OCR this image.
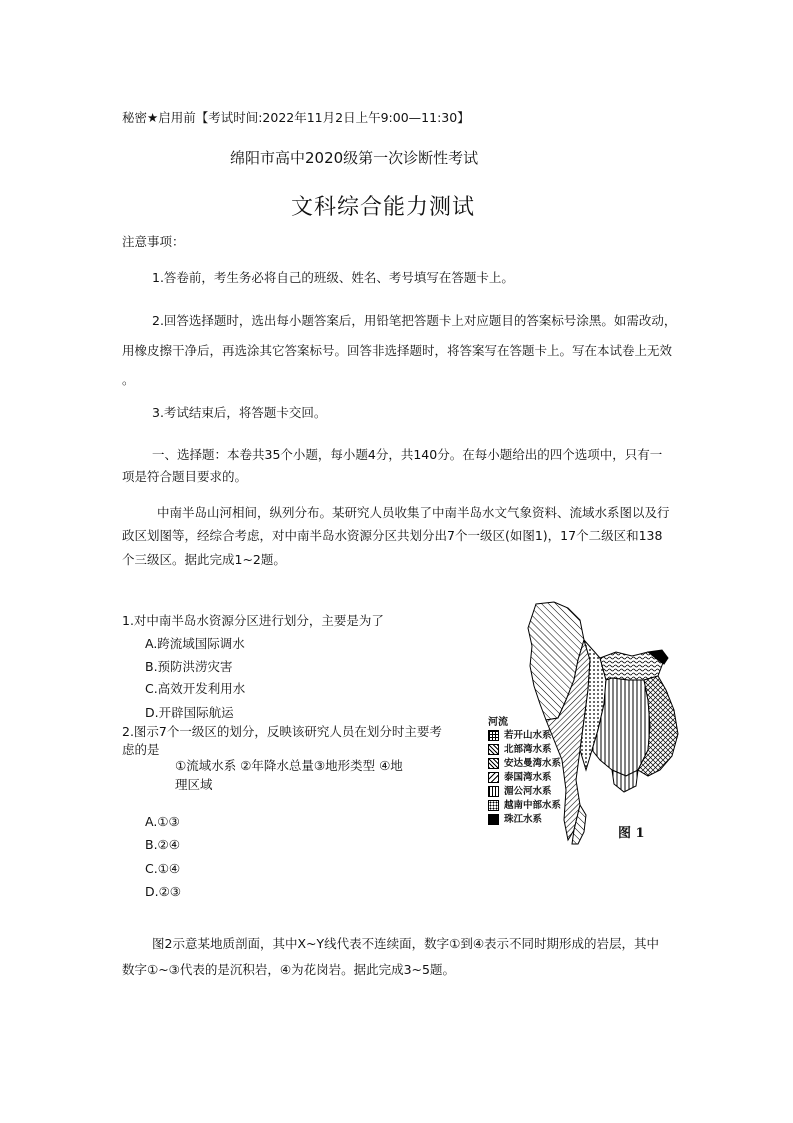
秘密★启用前【考试时间:2022年11月2日上午9:00—11:30】
绵阳市高中2020级第一次诊断性考试
文科综合能力测试
注意事项：
1.答卷前，考生务必将自己的班级、姓名、考号填写在答题卡上。
2.回答选择题时，选出每小题答案后，用铅笔把答题卡上对应题目的答案标号涂黑。如需改动，
用橡皮擦干净后，再选涂其它答案标号。回答非选择题时，将答案写在答题卡上。写在本试卷上无效
。
3.考试结束后，将答题卡交回。
一、选择题：本卷共35个小题，每小题4分，共140分。在每小题给出的四个选项中，只有一
项是符合题目要求的。
中南半岛山河相间，纵列分布。某研究人员收集了中南半岛水文气象资料、流域水系图以及行
政区划图等，经综合考虑，对中南半岛水资源分区共划分出7个一级区(如图1)，17个二级区和138
个三级区。据此完成1~2题。
1.对中南半岛水资源分区进行划分，主要是为了
A.跨流域国际调水
B.预防洪涝灾害
C.高效开发利用水
D.开辟国际航运
2.图示7个一级区的划分，反映该研究人员在划分时主要考
虑的是
①流域水系 ②年降水总量③地形类型 ④地
理区域
A.①③
B.②④
C.①④
D.②③
河流
若开山水系
北部湾水系
安达曼湾水系
泰国湾水系
湄公河水系
越南中部水系
珠江水系
图 1
图2示意某地质剖面，其中X~Y线代表不连续面，数字①到④表示不同时期形成的岩层，其中
数字①~③代表的是沉积岩，④为花岗岩。据此完成3~5题。
